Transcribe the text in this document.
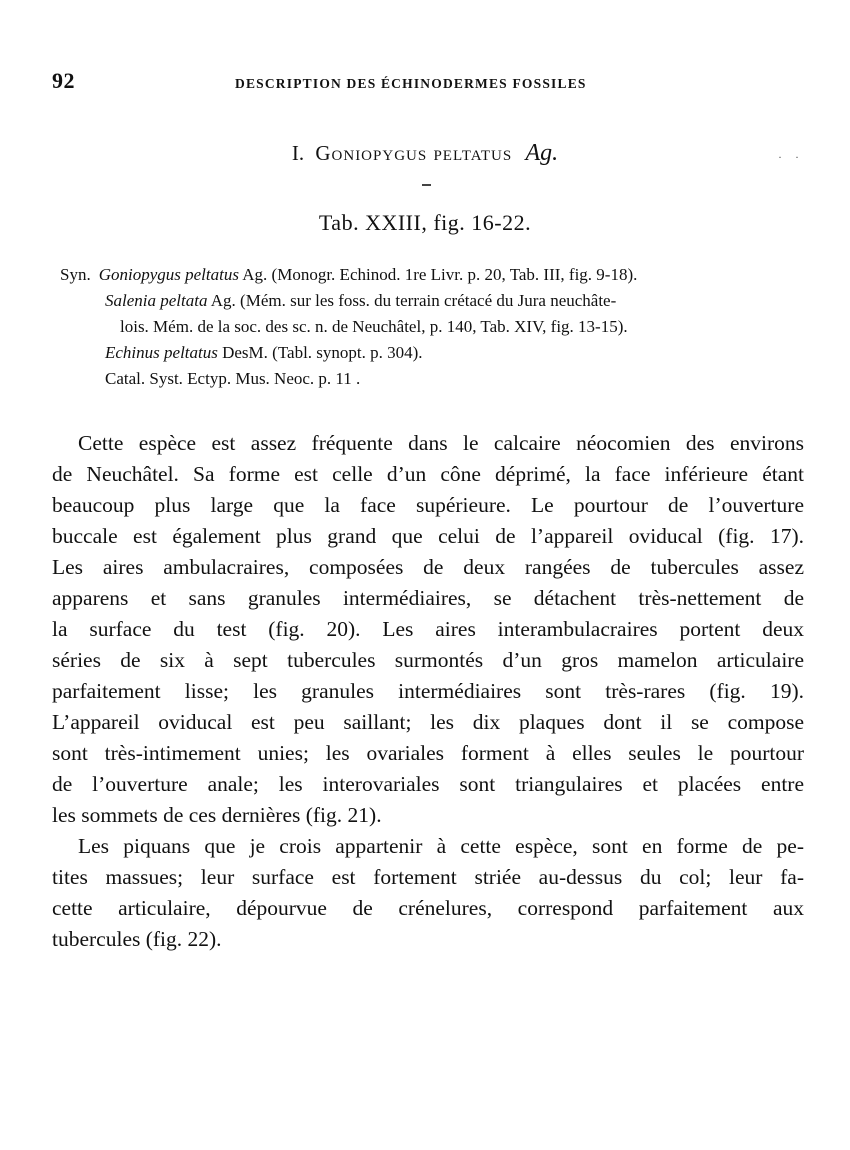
92	DESCRIPTION DES ÉCHINODERMES FOSSILES
I. Goniopygus peltatus Ag.	· ·
Tab. XXIII, fig. 16-22.
Syn. Goniopygus peltatus Ag. (Monogr. Echinod. 1re Livr. p. 20, Tab. III, fig. 9-18).
Salenia peltata Ag. (Mém. sur les foss. du terrain crétacé du Jura neuchâte-
lois. Mém. de la soc. des sc. n. de Neuchâtel, p. 140, Tab. XIV, fig. 13-15).
Echinus peltatus DesM. (Tabl. synopt. p. 304).
Catal. Syst. Ectyp. Mus. Neoc. p. 11 .

Cette espèce est assez fréquente dans le calcaire néocomien des environs
de Neuchâtel. Sa forme est celle d’un cône déprimé, la face inférieure étant
beaucoup plus large que la face supérieure. Le pourtour de l’ouverture
buccale est également plus grand que celui de l’appareil oviducal (fig. 17).
Les aires ambulacraires, composées de deux rangées de tubercules assez
apparens et sans granules intermédiaires, se détachent très-nettement de
la surface du test (fig. 20). Les aires interambulacraires portent deux
séries de six à sept tubercules surmontés d’un gros mamelon articulaire
parfaitement lisse; les granules intermédiaires sont très-rares (fig. 19).
L’appareil oviducal est peu saillant; les dix plaques dont il se compose
sont très-intimement unies; les ovariales forment à elles seules le pourtour
de l’ouverture anale; les interovariales sont triangulaires et placées entre
les sommets de ces dernières (fig. 21).

Les piquans que je crois appartenir à cette espèce, sont en forme de pe-
tites massues; leur surface est fortement striée au-dessus du col; leur fa-
cette articulaire, dépourvue de crénelures, correspond parfaitement aux
tubercules (fig. 22).
